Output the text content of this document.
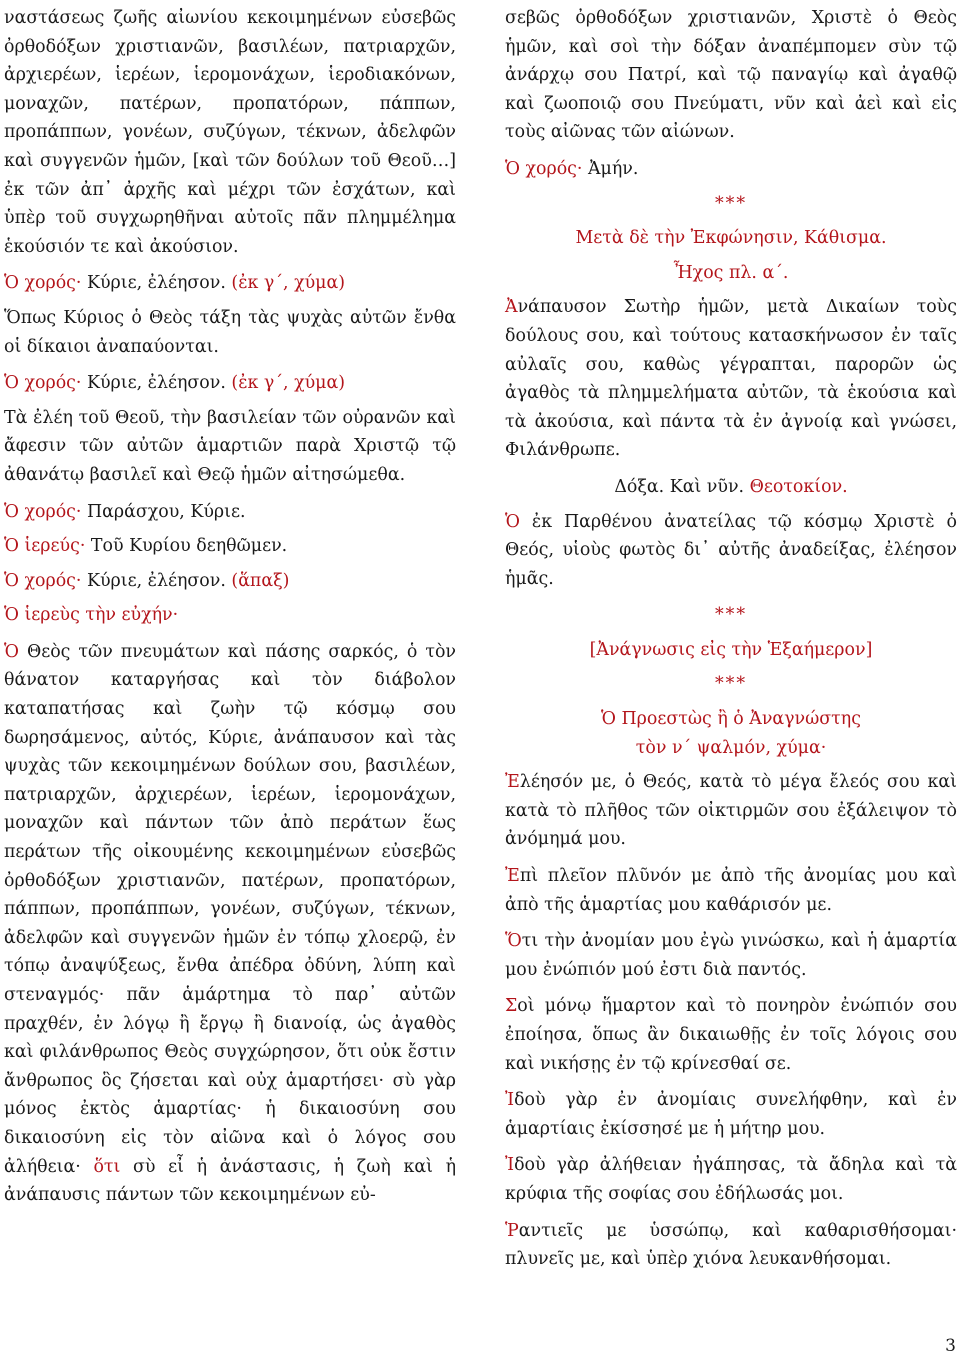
ναστάσεως ζωῆς αἰωνίου κεκοιμημένων εὐσεβῶς ὀρθοδόξων χριστιανῶν, βασιλέων, πατριαρχῶν, ἀρχιερέων, ἱερέων, ἱερομονάχων, ἱεροδιακόνων, μοναχῶν, πατέρων, προπατόρων, πάππων, προπάππων, γονέων, συζύγων, τέκνων, ἀδελφῶν καὶ συγγενῶν ἡμῶν, [καὶ τῶν δούλων τοῦ Θεοῦ…] ἐκ τῶν ἀπ᾽ ἀρχῆς καὶ μέχρι τῶν ἐσχάτων, καὶ ὑπὲρ τοῦ συγχωρηθῆναι αὐτοῖς πᾶν πλημμέλημα ἑκούσιόν τε καὶ ἀκούσιον.
Ὁ χορός· Κύριε, ἐλέησον. (ἐκ γ´, χύμα)
Ὅπως Κύριος ὁ Θεὸς τάξη τὰς ψυχὰς αὐτῶν ἔνθα οἱ δίκαιοι ἀναπαύονται.
Ὁ χορός· Κύριε, ἐλέησον. (ἐκ γ´, χύμα)
Τὰ ἐλέη τοῦ Θεοῦ, τὴν βασιλείαν τῶν οὐρανῶν καὶ ἄφεσιν τῶν αὐτῶν ἁμαρτιῶν παρὰ Χριστῷ τῷ ἀθανάτῳ βασιλεῖ καὶ Θεῷ ἡμῶν αἰτησώμεθα.
Ὁ χορός· Παράσχου, Κύριε.
Ὁ ἱερεύς· Τοῦ Κυρίου δεηθῶμεν.
Ὁ χορός· Κύριε, ἐλέησον. (ἅπαξ)
Ὁ ἱερεὺς τὴν εὐχήν·
Ὁ Θεὸς τῶν πνευμάτων καὶ πάσης σαρκός, ὁ τὸν θάνατον καταργήσας καὶ τὸν διάβολον καταπατήσας καὶ ζωὴν τῷ κόσμῳ σου δωρησάμενος, αὐτός, Κύριε, ἀνάπαυσον καὶ τὰς ψυχὰς τῶν κεκοιμημένων δούλων σου, βασιλέων, πατριαρχῶν, ἀρχιερέων, ἱερέων, ἱερομονάχων, μοναχῶν καὶ πάντων τῶν ἀπὸ περάτων ἕως περάτων τῆς οἰκουμένης κεκοιμημένων εὐσεβῶς ὀρθοδόξων χριστιανῶν, πατέρων, προπατόρων, πάππων, προπάππων, γονέων, συζύγων, τέκνων, ἀδελφῶν καὶ συγγενῶν ἡμῶν ἐν τόπῳ χλοερῷ, ἐν τόπῳ ἀναψύξεως, ἔνθα ἀπέδρα ὀδύνη, λύπη καὶ στεναγμός· πᾶν ἁμάρτημα τὸ παρ᾽ αὐτῶν πραχθέν, ἐν λόγῳ ἢ ἔργῳ ἢ διανοίᾳ, ὡς ἀγαθὸς καὶ φιλάνθρωπος Θεὸς συγχώρησον, ὅτι οὐκ ἔστιν ἄνθρωπος ὃς ζήσεται καὶ οὐχ ἁμαρτήσει· σὺ γὰρ μόνος ἐκτὸς ἁμαρτίας· ἡ δικαιοσύνη σου δικαιοσύνη εἰς τὸν αἰῶνα καὶ ὁ λόγος σου ἀλήθεια· ὅτι σὺ εἶ ἡ ἀνάστασις, ἡ ζωὴ καὶ ἡ ἀνάπαυσις πάντων τῶν κεκοιμημένων εὐ-
σεβῶς ὀρθοδόξων χριστιανῶν, Χριστὲ ὁ Θεὸς ἡμῶν, καὶ σοὶ τὴν δόξαν ἀναπέμπομεν σὺν τῷ ἀνάρχῳ σου Πατρί, καὶ τῷ παναγίῳ καὶ ἀγαθῷ καὶ ζωοποιῷ σου Πνεύματι, νῦν καὶ ἀεὶ καὶ εἰς τοὺς αἰῶνας τῶν αἰώνων.
Ὁ χορός· Ἀμήν.
***
Μετὰ δὲ τὴν Ἐκφώνησιν, Κάθισμα.
Ἦχος πλ. α´.
Ἀνάπαυσον Σωτὴρ ἡμῶν, μετὰ Δικαίων τοὺς δούλους σου, καὶ τούτους κατασκήνωσον ἐν ταῖς αὐλαῖς σου, καθὼς γέγραπται, παρορῶν ὡς ἀγαθὸς τὰ πλημμελήματα αὐτῶν, τὰ ἑκούσια καὶ τὰ ἀκούσια, καὶ πάντα τὰ ἐν ἀγνοίᾳ καὶ γνώσει, Φιλάνθρωπε.
Δόξα. Καὶ νῦν. Θεοτοκίον.
Ὁ ἐκ Παρθένου ἀνατείλας τῷ κόσμῳ Χριστὲ ὁ Θεός, υἱοὺς φωτὸς δι᾽ αὐτῆς ἀναδείξας, ἐλέησον ἡμᾶς.
***
[Ἀνάγνωσις εἰς τὴν Ἑξαήμερον]
***
Ὁ Προεστὼς ἢ ὁ Ἀναγνώστης
τὸν ν´ ψαλμόν, χύμα·
Ἐλέησόν με, ὁ Θεός, κατὰ τὸ μέγα ἔλεός σου καὶ κατὰ τὸ πλῆθος τῶν οἰκτιρμῶν σου ἐξάλειψον τὸ ἀνόμημά μου.
Ἐπὶ πλεῖον πλῦνόν με ἀπὸ τῆς ἀνομίας μου καὶ ἀπὸ τῆς ἁμαρτίας μου καθάρισόν με.
Ὅτι τὴν ἀνομίαν μου ἐγὼ γινώσκω, καὶ ἡ ἁμαρτία μου ἐνώπιόν μού ἐστι διὰ παντός.
Σοὶ μόνῳ ἥμαρτον καὶ τὸ πονηρὸν ἐνώπιόν σου ἐποίησα, ὅπως ἂν δικαιωθῇς ἐν τοῖς λόγοις σου καὶ νικήσῃς ἐν τῷ κρίνεσθαί σε.
Ἰδοὺ γὰρ ἐν ἀνομίαις συνελήφθην, καὶ ἐν ἁμαρτίαις ἐκίσσησέ με ἡ μήτηρ μου.
Ἰδοὺ γὰρ ἀλήθειαν ἠγάπησας, τὰ ἄδηλα καὶ τὰ κρύφια τῆς σοφίας σου ἐδήλωσάς μοι.
Ῥαντιεῖς με ὑσσώπῳ, καὶ καθαρισθήσομαι· πλυνεῖς με, καὶ ὑπὲρ χιόνα λευκανθήσομαι.
3
